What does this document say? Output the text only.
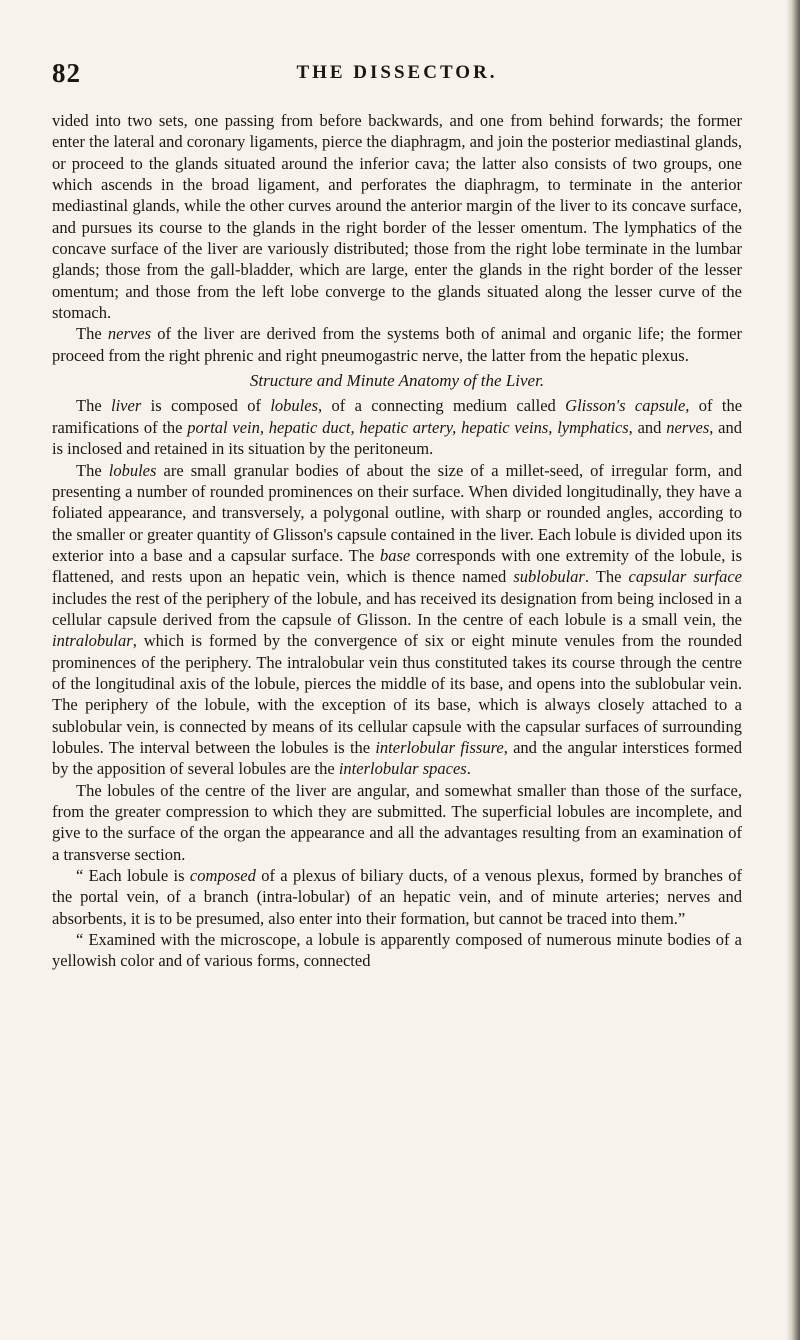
82	THE DISSECTOR.

vided into two sets, one passing from before backwards, and one from behind forwards; the former enter the lateral and coronary ligaments, pierce the diaphragm, and join the posterior mediastinal glands, or proceed to the glands situated around the inferior cava; the latter also consists of two groups, one which ascends in the broad ligament, and perforates the diaphragm, to terminate in the anterior mediastinal glands, while the other curves around the anterior margin of the liver to its concave surface, and pursues its course to the glands in the right border of the lesser omentum. The lymphatics of the concave surface of the liver are variously distributed; those from the right lobe terminate in the lumbar glands; those from the gall-bladder, which are large, enter the glands in the right border of the lesser omentum; and those from the left lobe converge to the glands situated along the lesser curve of the stomach.

The nerves of the liver are derived from the systems both of animal and organic life; the former proceed from the right phrenic and right pneumogastric nerve, the latter from the hepatic plexus.

Structure and Minute Anatomy of the Liver.

The liver is composed of lobules, of a connecting medium called Glisson's capsule, of the ramifications of the portal vein, hepatic duct, hepatic artery, hepatic veins, lymphatics, and nerves, and is inclosed and retained in its situation by the peritoneum.

The lobules are small granular bodies of about the size of a millet-seed, of irregular form, and presenting a number of rounded prominences on their surface. When divided longitudinally, they have a foliated appearance, and transversely, a polygonal outline, with sharp or rounded angles, according to the smaller or greater quantity of Glisson's capsule contained in the liver. Each lobule is divided upon its exterior into a base and a capsular surface. The base corresponds with one extremity of the lobule, is flattened, and rests upon an hepatic vein, which is thence named sublobular. The capsular surface includes the rest of the periphery of the lobule, and has received its designation from being inclosed in a cellular capsule derived from the capsule of Glisson. In the centre of each lobule is a small vein, the intralobular, which is formed by the convergence of six or eight minute venules from the rounded prominences of the periphery. The intralobular vein thus constituted takes its course through the centre of the longitudinal axis of the lobule, pierces the middle of its base, and opens into the sublobular vein. The periphery of the lobule, with the exception of its base, which is always closely attached to a sublobular vein, is connected by means of its cellular capsule with the capsular surfaces of surrounding lobules. The interval between the lobules is the interlobular fissure, and the angular interstices formed by the apposition of several lobules are the interlobular spaces.

The lobules of the centre of the liver are angular, and somewhat smaller than those of the surface, from the greater compression to which they are submitted. The superficial lobules are incomplete, and give to the surface of the organ the appearance and all the advantages resulting from an examination of a transverse section.

“ Each lobule is composed of a plexus of biliary ducts, of a venous plexus, formed by branches of the portal vein, of a branch (intra-lobular) of an hepatic vein, and of minute arteries; nerves and absorbents, it is to be presumed, also enter into their formation, but cannot be traced into them.”

“ Examined with the microscope, a lobule is apparently composed of numerous minute bodies of a yellowish color and of various forms, connected
